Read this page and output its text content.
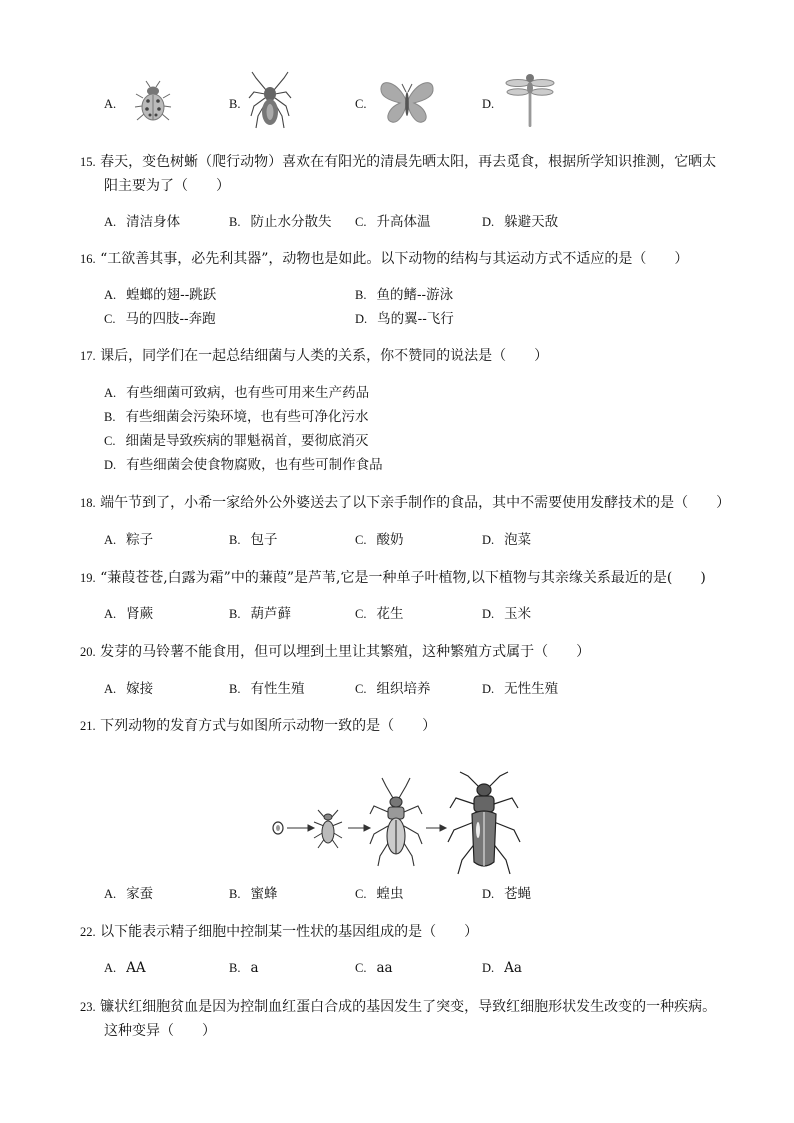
A.	B.	C.	D.
15. 春天，变色树蜥（爬行动物）喜欢在有阳光的清晨先晒太阳，再去觅食，根据所学知识推测，它晒太
阳主要为了（　　）
A. 清洁身体	B. 防止水分散失 C. 升高体温	D. 躲避天敌
16. “工欲善其事，必先利其器”，动物也是如此。以下动物的结构与其运动方式不适应的是（　　）
A. 蝗螂的翅--跳跃	B. 鱼的鳍--游泳
C. 马的四肢--奔跑	D. 鸟的翼--飞行
17. 课后，同学们在一起总结细菌与人类的关系，你不赞同的说法是（　　）
A. 有些细菌可致病，也有些可用来生产药品
B. 有些细菌会污染环境，也有些可净化污水
C. 细菌是导致疾病的罪魁祸首，要彻底消灭
D. 有些细菌会使食物腐败，也有些可制作食品
18. 端午节到了，小希一家给外公外婆送去了以下亲手制作的食品，其中不需要使用发酵技术的是（　　）
A. 粽子	B. 包子	C. 酸奶	D. 泡菜
19. “蒹葭苍苍,白露为霜”中的蒹葭”是芦苇,它是一种单子叶植物,以下植物与其亲缘关系最近的是(　　)
A. 肾蕨	B. 葫芦藓	C. 花生	D. 玉米
20. 发芽的马铃薯不能食用，但可以埋到土里让其繁殖，这种繁殖方式属于（　　）
A. 嫁接	B. 有性生殖	C. 组织培养	D. 无性生殖
21. 下列动物的发育方式与如图所示动物一致的是（　　）
A. 家蚕	B. 蜜蜂	C. 蝗虫	D. 苍蝇
22. 以下能表示精子细胞中控制某一性状的基因组成的是（　　）
A. AA	B. a	C. aa	D. Aa
23. 镰状红细胞贫血是因为控制血红蛋白合成的基因发生了突变，导致红细胞形状发生改变的一种疾病。
这种变异（　　）
